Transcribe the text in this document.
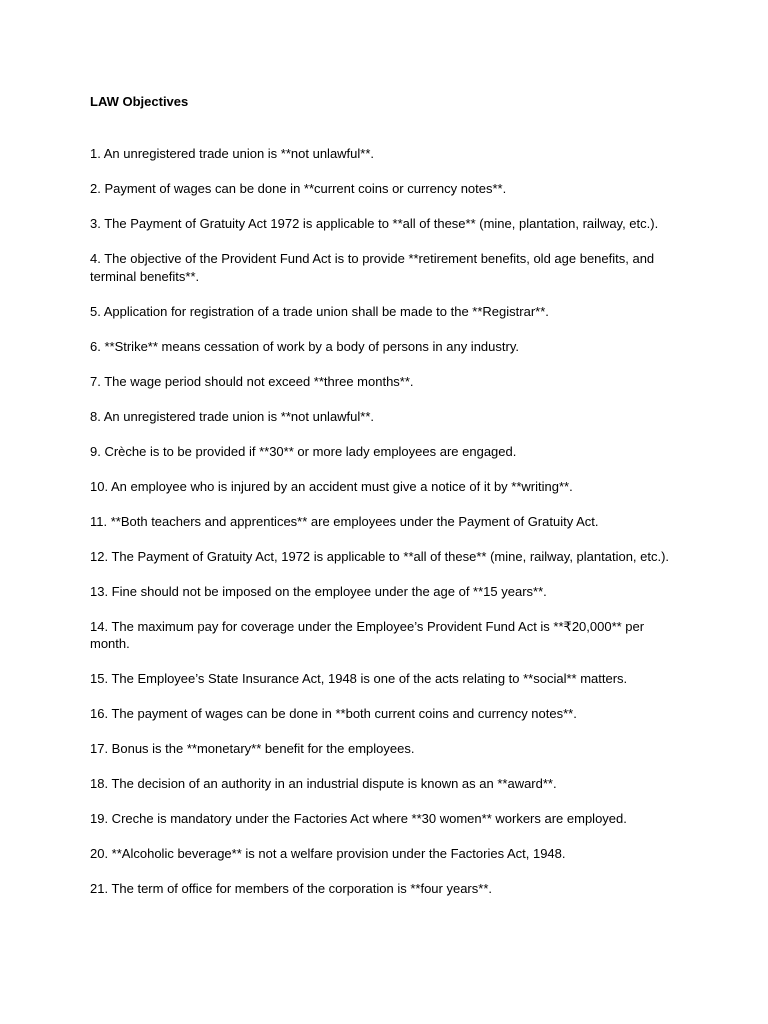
LAW Objectives
1. An unregistered trade union is **not unlawful**.
2. Payment of wages can be done in **current coins or currency notes**.
3. The Payment of Gratuity Act 1972 is applicable to **all of these** (mine, plantation, railway, etc.).
4. The objective of the Provident Fund Act is to provide **retirement benefits, old age benefits, and terminal benefits**.
5. Application for registration of a trade union shall be made to the **Registrar**.
6. **Strike** means cessation of work by a body of persons in any industry.
7. The wage period should not exceed **three months**.
8. An unregistered trade union is **not unlawful**.
9. Crèche is to be provided if **30** or more lady employees are engaged.
10. An employee who is injured by an accident must give a notice of it by **writing**.
11. **Both teachers and apprentices** are employees under the Payment of Gratuity Act.
12. The Payment of Gratuity Act, 1972 is applicable to **all of these** (mine, railway, plantation, etc.).
13. Fine should not be imposed on the employee under the age of **15 years**.
14. The maximum pay for coverage under the Employee’s Provident Fund Act is **₹20,000** per month.
15. The Employee’s State Insurance Act, 1948 is one of the acts relating to **social** matters.
16. The payment of wages can be done in **both current coins and currency notes**.
17. Bonus is the **monetary** benefit for the employees.
18. The decision of an authority in an industrial dispute is known as an **award**.
19. Creche is mandatory under the Factories Act where **30 women** workers are employed.
20. **Alcoholic beverage** is not a welfare provision under the Factories Act, 1948.
21. The term of office for members of the corporation is **four years**.
